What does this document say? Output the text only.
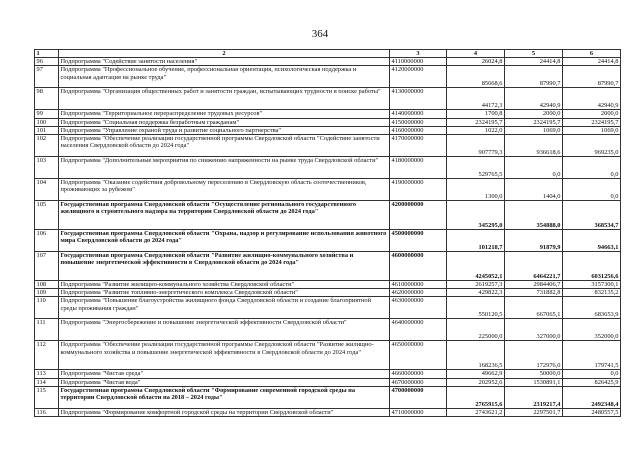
364
1	2	3	4	5	6
96	Подпрограмма "Содействие занятости населения"	4110000000	26024,8	24414,8	24414,8
97	Подпрограмма "Профессиональное обучение, профессиональная ориентация, психологическая поддержка и социальная адаптация на рынке труда"	4120000000	85668,6	87990,7	87990,7
98	Подпрограмма "Организация общественных работ и занятости граждан, испытывающих трудности в поиске работы"	4130000000	44172,3	42940,9	42940,9
99	Подпрограмма "Территориальное перераспределение трудовых ресурсов"	4140000000	1700,8	2000,0	2000,0
100	Подпрограмма "Социальная поддержка безработным гражданам"	4150000000	2324195,7	2324195,7	2324195,7
101	Подпрограмма "Управление охраной труда и развитие социального партнерства"	4160000000	1022,0	1069,0	1069,0
102	Подпрограмма "Обеспечение реализации государственной программы Свердловской области "Содействие занятости населения Свердловской области до 2024 года"	4170000000	907779,3	936618,6	969235,0
103	Подпрограмма "Дополнительные мероприятия по снижению напряженности на рынке труда Свердловской области"	4180000000	529765,5	0,0	0,0
104	Подпрограмма "Оказание содействия добровольному переселению в Свердловскую область соотечественников, проживающих за рубежом"	4190000000	1300,0	1404,0	0,0
105	Государственная программа Свердловской области "Осуществление регионального государственного жилищного и строительного надзора на территории Свердловской области до 2024 года"	4200000000	345295,0	354888,0	368534,7
106	Государственная программа Свердловской области "Охрана, надзор и регулирование использования животного мира Свердловской области до 2024 года"	4500000000	101218,7	91879,9	94663,1
107	Государственная программа Свердловской области "Развитие жилищно-коммунального хозяйства и повышение энергетической эффективности в Свердловской области до 2024 года"	4600000000	4245052,1	6464221,7	6031256,6
108	Подпрограмма "Развитие жилищно-коммунального хозяйства Свердловской области"	4610000000	2619257,3	2984406,7	3157300,1
109	Подпрограмма "Развитие топливно-энергетического комплекса Свердловской области"	4620000000	429822,3	731882,8	832135,2
110	Подпрограмма "Повышение благоустройства жилищного фонда Свердловской области и создание благоприятной среды проживания граждан"	4630000000	550120,5	667065,1	683653,9
111	Подпрограмма "Энергосбережение и повышение энергетической эффективности Свердловской области"	4640000000	225000,0	327000,0	352000,0
112	Подпрограмма "Обеспечение реализации государственной программы Свердловской области "Развитие жилищно-коммунального хозяйства и повышение энергетической эффективности в Свердловской области до 2024 года"	4650000000	168236,5	172976,0	179741,5
113	Подпрограмма "Чистая среда"	4660000000	49662,9	50000,0	0,0
114	Подпрограмма "Чистая вода"	4670000000	202952,6	1530891,1	826425,9
115	Государственная программа Свердловской области "Формирование современной городской среды на территории Свердловской области на 2018 – 2024 годы"	4700000000	2765915,6	2319217,4	2492348,4
116	Подпрограмма "Формирование комфортной городской среды на территории Свердловской области"	4710000000	2743621,2	2297501,7	2480557,5
